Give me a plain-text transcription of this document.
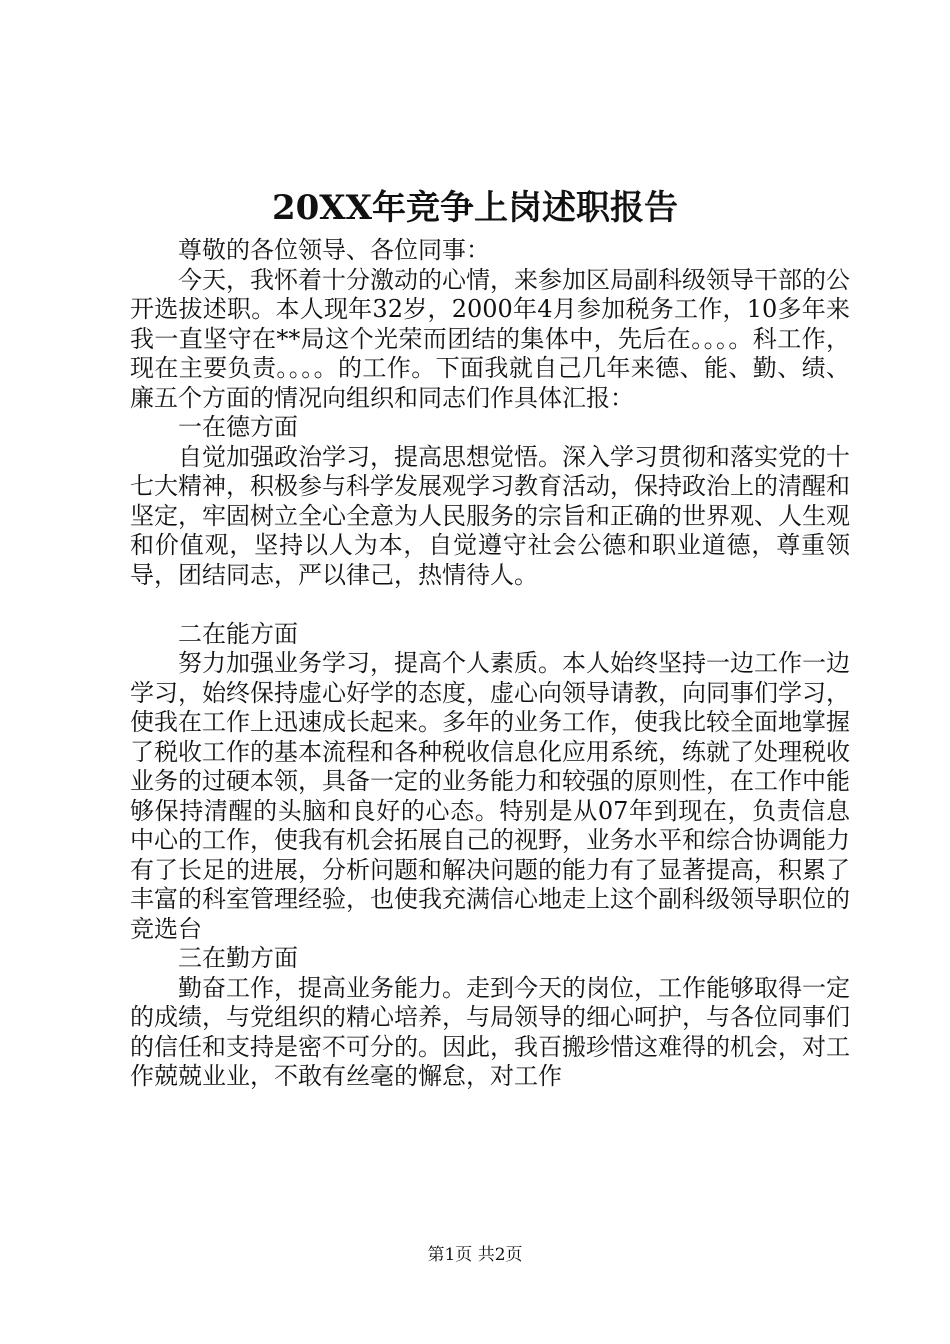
20XX年竞争上岗述职报告

尊敬的各位领导、各位同事：

今天，我怀着十分激动的心情，来参加区局副科级领导干部的公开选拔述职。本人现年32岁，2000年4月参加税务工作，10多年来我一直坚守在**局这个光荣而团结的集体中，先后在。。。。科工作，现在主要负责。。。。的工作。下面我就自己几年来德、能、勤、绩、廉五个方面的情况向组织和同志们作具体汇报：

一在德方面

自觉加强政治学习，提高思想觉悟。深入学习贯彻和落实党的十七大精神，积极参与科学发展观学习教育活动，保持政治上的清醒和坚定，牢固树立全心全意为人民服务的宗旨和正确的世界观、人生观和价值观，坚持以人为本，自觉遵守社会公德和职业道德，尊重领导，团结同志，严以律己，热情待人。

二在能方面

努力加强业务学习，提高个人素质。本人始终坚持一边工作一边学习，始终保持虚心好学的态度，虚心向领导请教，向同事们学习，使我在工作上迅速成长起来。多年的业务工作，使我比较全面地掌握了税收工作的基本流程和各种税收信息化应用系统，练就了处理税收业务的过硬本领，具备一定的业务能力和较强的原则性，在工作中能够保持清醒的头脑和良好的心态。特别是从07年到现在，负责信息中心的工作，使我有机会拓展自己的视野，业务水平和综合协调能力有了长足的进展，分析问题和解决问题的能力有了显著提高，积累了丰富的科室管理经验，也使我充满信心地走上这个副科级领导职位的竞选台

三在勤方面

勤奋工作，提高业务能力。走到今天的岗位，工作能够取得一定的成绩，与党组织的精心培养，与局领导的细心呵护，与各位同事们的信任和支持是密不可分的。因此，我百搬珍惜这难得的机会，对工作兢兢业业，不敢有丝毫的懈怠，对工作

第1页 共2页
